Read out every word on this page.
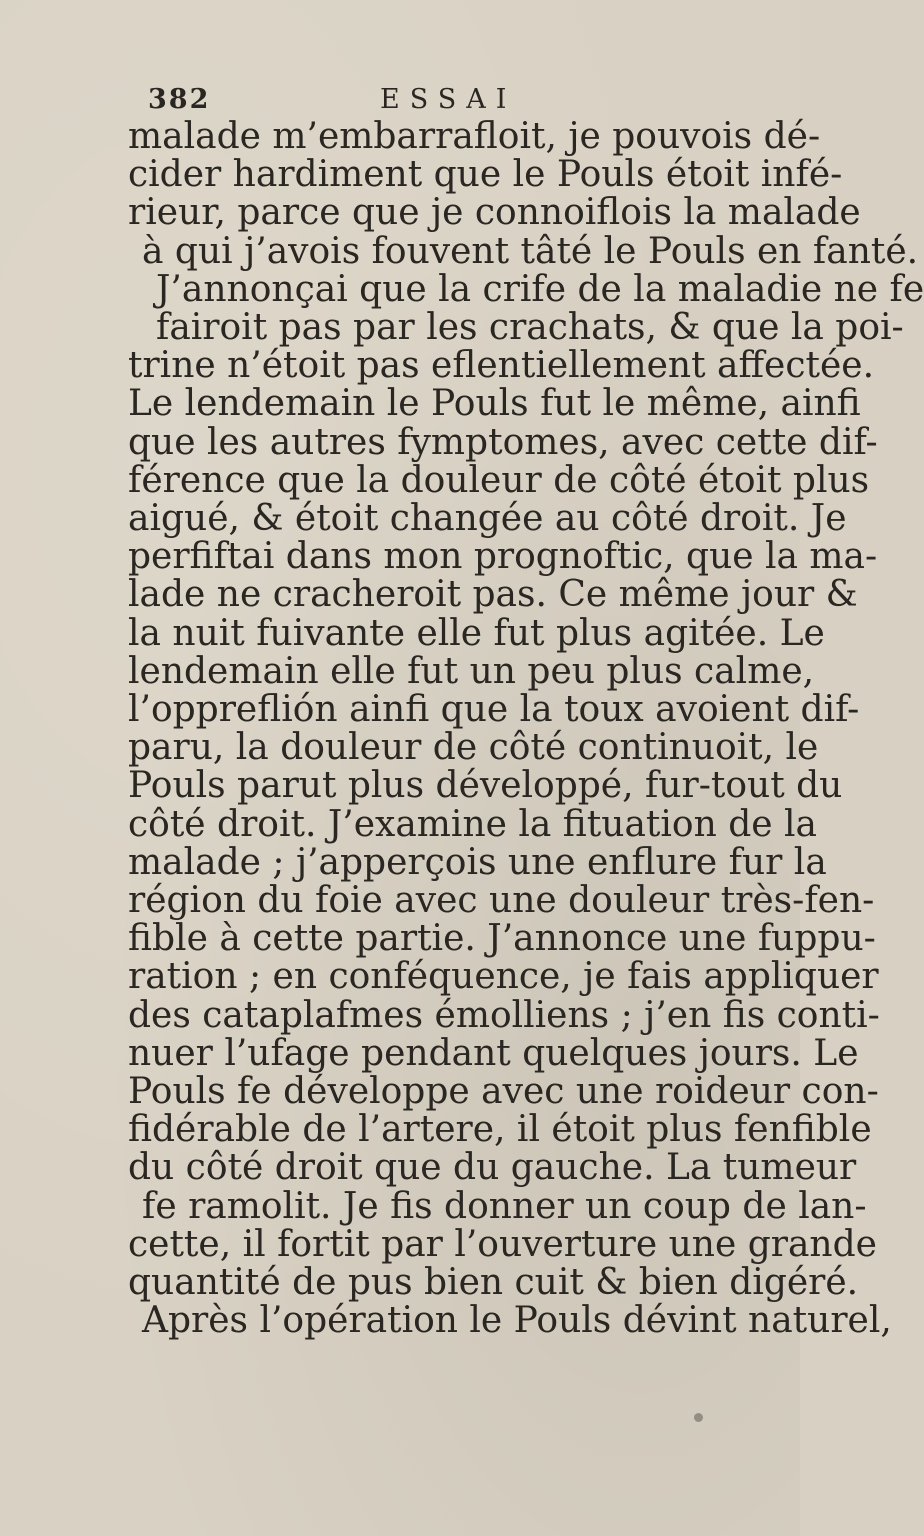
382	ESSAI
malade m’embarrafloit, je pouvois dé-
cider hardiment que le Pouls étoit infé-
rieur, parce que je connoiflois la malade
à qui j’avois fouvent tâté le Pouls en fanté.
J’annonçai que la crife de la maladie ne fe
fairoit pas par les crachats, & que la poi-
trine n’étoit pas eflentiellement affectée.
Le lendemain le Pouls fut le même, ainfi
que les autres fymptomes, avec cette dif-
férence que la douleur de côté étoit plus
aigué, & étoit changée au côté droit. Je
perfiftai dans mon prognoftic, que la ma-
lade ne cracheroit pas. Ce même jour &
la nuit fuivante elle fut plus agitée. Le
lendemain elle fut un peu plus calme,
l’oppreflión ainfi que la toux avoient dif-
paru, la douleur de côté continuoit, le
Pouls parut plus développé, fur-tout du
côté droit. J’examine la fituation de la
malade ; j’apperçois une enflure fur la
région du foie avec une douleur très-fen-
fible à cette partie. J’annonce une fuppu-
ration ; en conféquence, je fais appliquer
des cataplafmes émolliens ; j’en fis conti-
nuer l’ufage pendant quelques jours. Le
Pouls fe développe avec une roideur con-
fidérable de l’artere, il étoit plus fenfible
du côté droit que du gauche. La tumeur
fe ramolit. Je fis donner un coup de lan-
cette, il fortit par l’ouverture une grande
quantité de pus bien cuit & bien digéré.
Après l’opération le Pouls dévint naturel,
